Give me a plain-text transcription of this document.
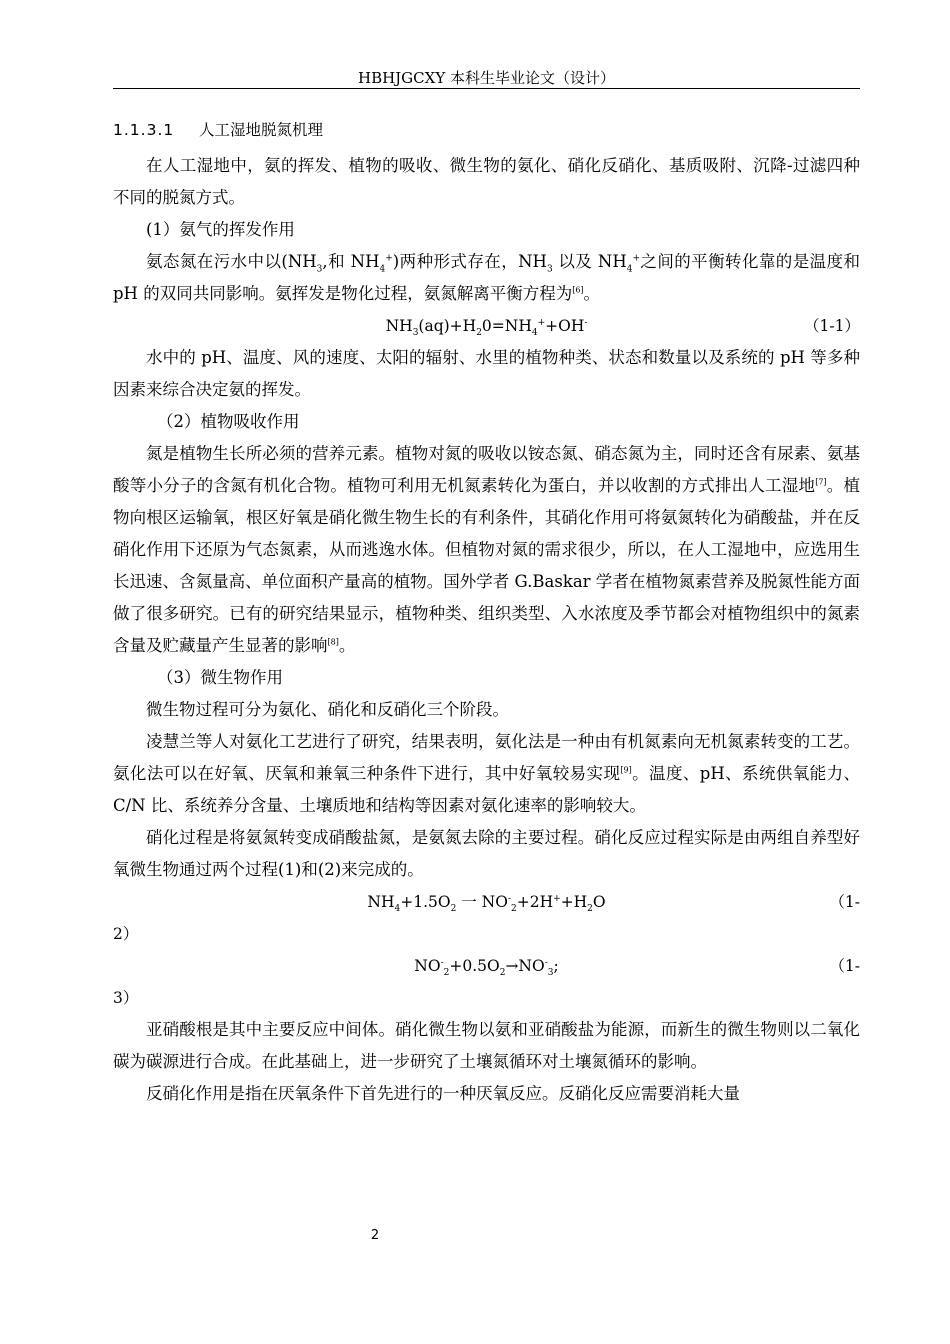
HBHJGCXY 本科生毕业论文（设计）
1.1.3.1 人工湿地脱氮机理

在人工湿地中，氨的挥发、植物的吸收、微生物的氨化、硝化反硝化、基质吸附、沉降-过滤四种不同的脱氮方式。

(1）氨气的挥发作用

氨态氮在污水中以($NH_3$,和 $NH_4^+$)两种形式存在，$NH_3$ 以及 $NH_4^+$之间的平衡转化靠的是温度和 pH 的双同共同影响。氨挥发是物化过程，氨氮解离平衡方程为[6]。

$NH_3(aq)+H_20=NH_4^++OH^-$	（1-1）

水中的 pH、温度、风的速度、太阳的辐射、水里的植物种类、状态和数量以及系统的 pH 等多种因素来综合决定氨的挥发。

（2）植物吸收作用

氮是植物生长所必须的营养元素。植物对氮的吸收以铵态氮、硝态氮为主，同时还含有尿素、氨基酸等小分子的含氮有机化合物。植物可利用无机氮素转化为蛋白，并以收割的方式排出人工湿地[7]。植物向根区运输氧，根区好氧是硝化微生物生长的有利条件，其硝化作用可将氨氮转化为硝酸盐，并在反硝化作用下还原为气态氮素，从而逃逸水体。但植物对氮的需求很少，所以，在人工湿地中，应选用生长迅速、含氮量高、单位面积产量高的植物。国外学者 G.Baskar 学者在植物氮素营养及脱氮性能方面做了很多研究。已有的研究结果显示，植物种类、组织类型、入水浓度及季节都会对植物组织中的氮素含量及贮藏量产生显著的影响[8]。

（3）微生物作用

微生物过程可分为氨化、硝化和反硝化三个阶段。

凌慧兰等人对氨化工艺进行了研究，结果表明，氨化法是一种由有机氮素向无机氮素转变的工艺。氨化法可以在好氧、厌氧和兼氧三种条件下进行，其中好氧较易实现[9]。温度、pH、系统供氧能力、C/N 比、系统养分含量、土壤质地和结构等因素对氨化速率的影响较大。

硝化过程是将氨氮转变成硝酸盐氮，是氨氮去除的主要过程。硝化反应过程实际是由两组自养型好氧微生物通过两个过程(1)和(2)来完成的。

$NH_4+1.5O_2$ 一 $NO^-_2+2H^++H_2O$	（1-
2）
$NO^-_2+0.5O_2\to NO^-_3$;	（1-
3）

亚硝酸根是其中主要反应中间体。硝化微生物以氨和亚硝酸盐为能源，而新生的微生物则以二氧化碳为碳源进行合成。在此基础上，进一步研究了土壤氮循环对土壤氮循环的影响。

反硝化作用是指在厌氧条件下首先进行的一种厌氧反应。反硝化反应需要消耗大量

2
